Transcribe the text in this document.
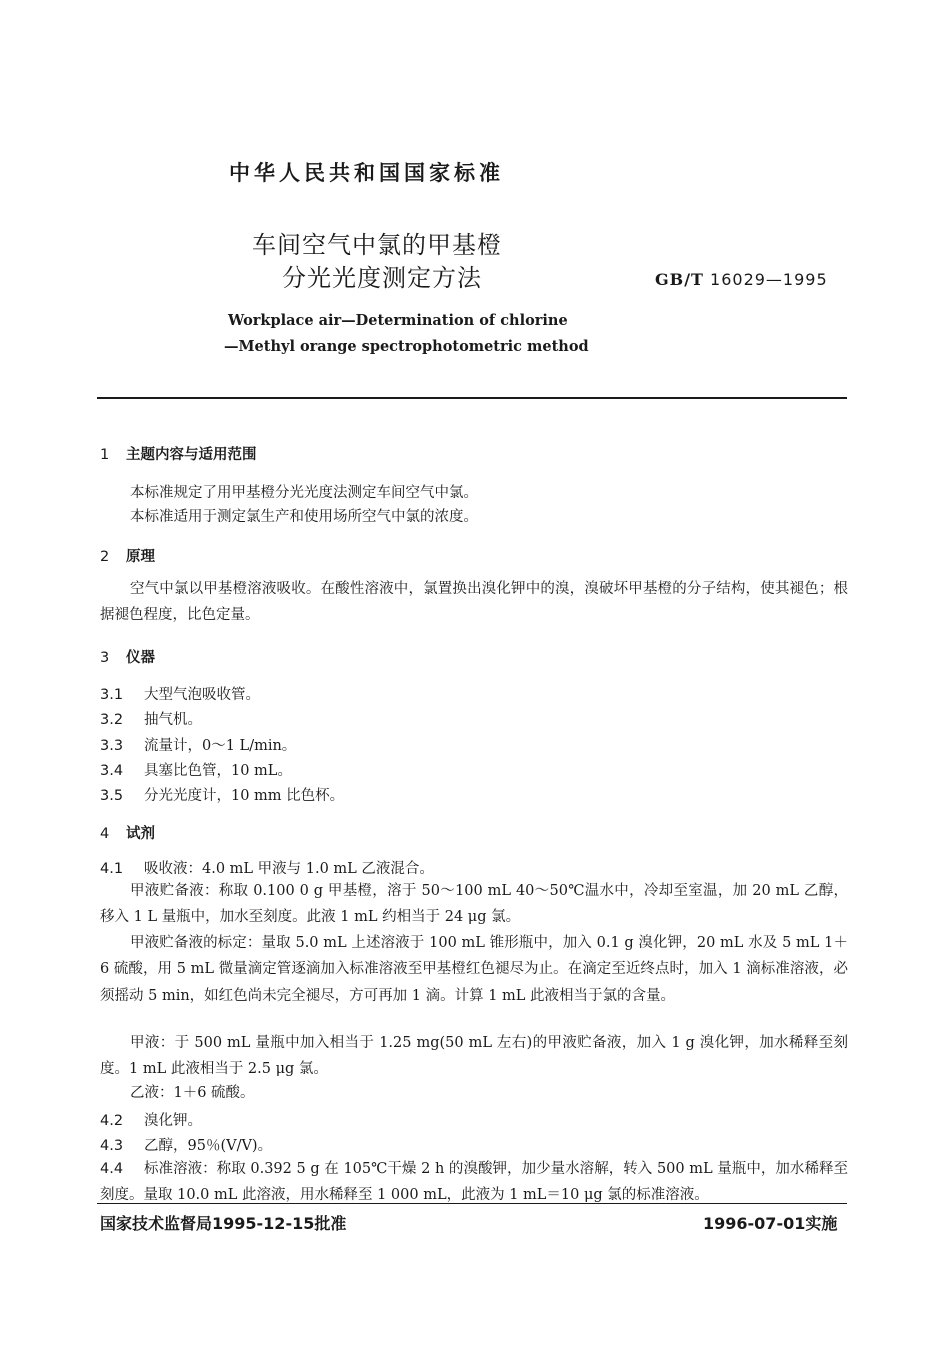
中华人民共和国国家标准
车间空气中氯的甲基橙
分光光度测定方法	GB/T 16029—1995
Workplace air—Determination of chlorine
—Methyl orange spectrophotometric method
1 主题内容与适用范围
本标准规定了用甲基橙分光光度法测定车间空气中氯。
本标准适用于测定氯生产和使用场所空气中氯的浓度。
2 原理
空气中氯以甲基橙溶液吸收。在酸性溶液中，氯置换出溴化钾中的溴，溴破坏甲基橙的分子结构，使其褪色；根据褪色程度，比色定量。
3 仪器
3.1 大型气泡吸收管。
3.2 抽气机。
3.3 流量计，0～1 L/min。
3.4 具塞比色管，10 mL。
3.5 分光光度计，10 mm 比色杯。
4 试剂
4.1 吸收液：4.0 mL 甲液与 1.0 mL 乙液混合。
甲液贮备液：称取 0.100 0 g 甲基橙，溶于 50～100 mL 40～50℃温水中，冷却至室温，加 20 mL 乙醇，移入 1 L 量瓶中，加水至刻度。此液 1 mL 约相当于 24 μg 氯。
甲液贮备液的标定：量取 5.0 mL 上述溶液于 100 mL 锥形瓶中，加入 0.1 g 溴化钾，20 mL 水及 5 mL 1＋6 硫酸，用 5 mL 微量滴定管逐滴加入标准溶液至甲基橙红色褪尽为止。在滴定至近终点时，加入 1 滴标准溶液，必须摇动 5 min，如红色尚未完全褪尽，方可再加 1 滴。计算 1 mL 此液相当于氯的含量。
甲液：于 500 mL 量瓶中加入相当于 1.25 mg(50 mL 左右)的甲液贮备液，加入 1 g 溴化钾，加水稀释至刻度。1 mL 此液相当于 2.5 μg 氯。
乙液：1＋6 硫酸。
4.2 溴化钾。
4.3 乙醇，95％(V/V)。
4.4 标准溶液：称取 0.392 5 g 在 105℃干燥 2 h 的溴酸钾，加少量水溶解，转入 500 mL 量瓶中，加水稀释至刻度。量取 10.0 mL 此溶液，用水稀释至 1 000 mL，此液为 1 mL＝10 μg 氯的标准溶液。
国家技术监督局1995-12-15批准	1996-07-01实施
